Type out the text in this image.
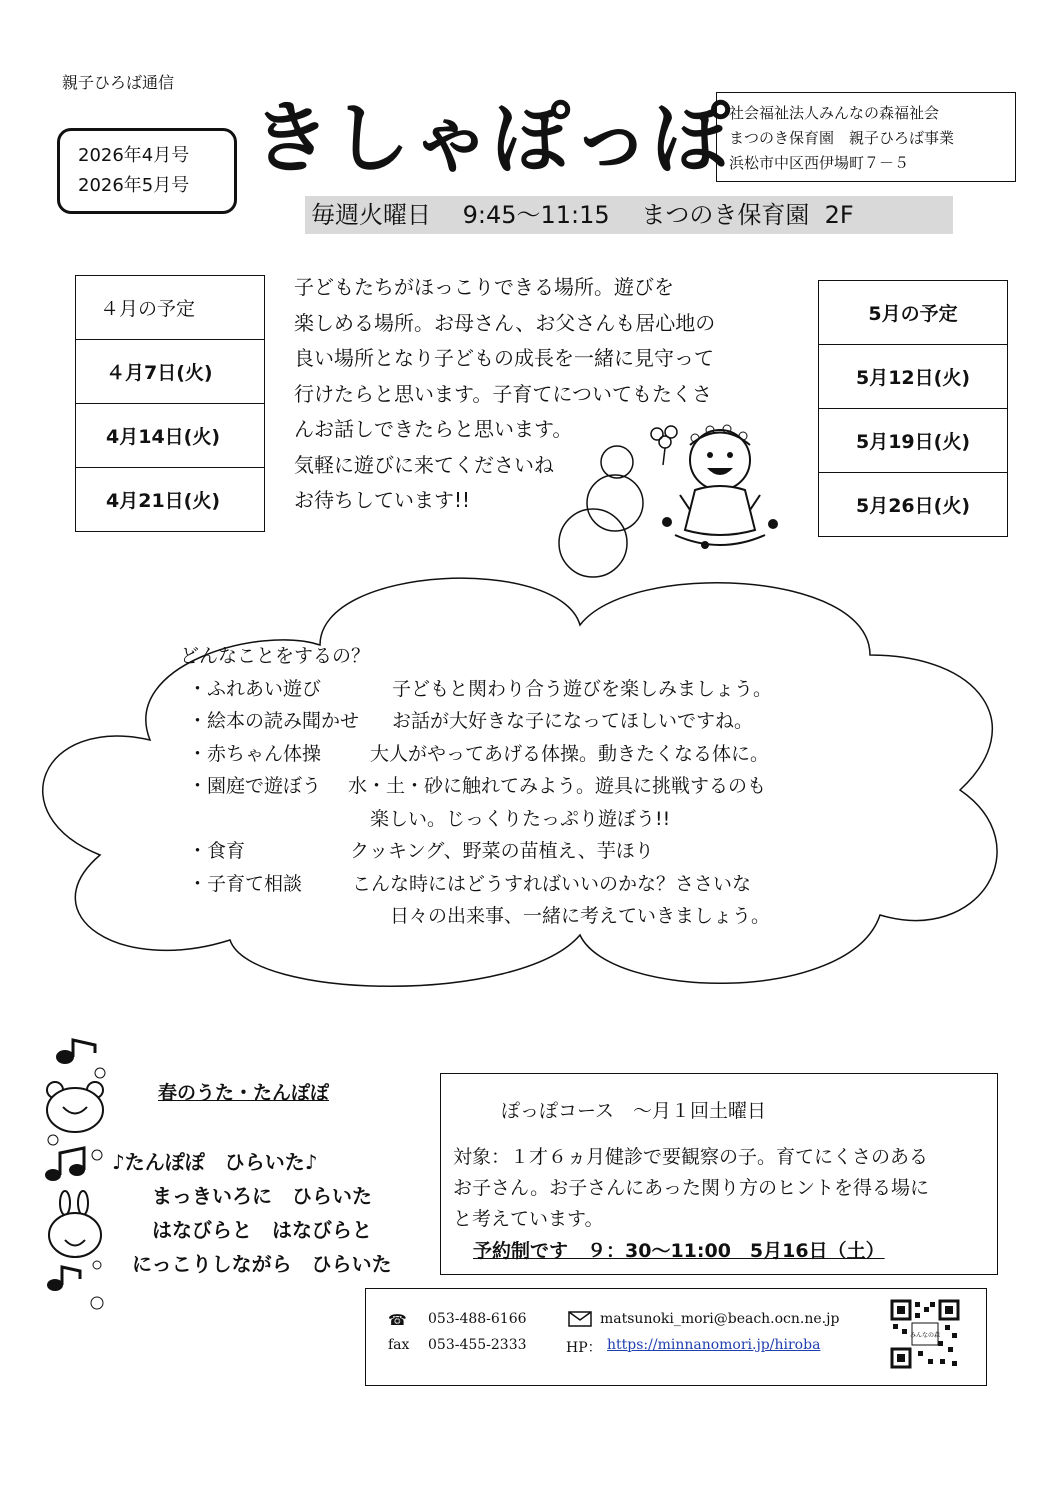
親子ひろば通信
2026年4月号
2026年5月号
きしゃぽっぽ
社会福祉法人みんなの森福祉会
まつのき保育園　親子ひろば事業
浜松市中区西伊場町７－５
毎週火曜日　 9:45～11:15　 まつのき保育園  2F
４月の予定
４月7日(火)
4月14日(火)
4月21日(火)
5月の予定
5月12日(火)
5月19日(火)
5月26日(火)
子どもたちがほっこりできる場所。遊びを
楽しめる場所。お母さん、お父さんも居心地の
良い場所となり子どもの成長を一緒に見守って
行けたらと思います。子育てについてもたくさ
んお話しできたらと思います。
気軽に遊びに来てくださいね
お待ちしています!!
どんなことをするの？
・ふれあい遊び	子どもと関わり合う遊びを楽しみましょう。
・絵本の読み聞かせ お話が大好きな子になってほしいですね。
・赤ちゃん体操	大人がやってあげる体操。動きたくなる体に。
・園庭で遊ぼう 水・土・砂に触れてみよう。遊具に挑戦するのも
楽しい。じっくりたっぷり遊ぼう!!
・食育	クッキング、野菜の苗植え、芋ほり
・子育て相談	こんな時にはどうすればいいのかな？ささいな
日々の出来事、一緒に考えていきましょう。
春のうた・たんぽぽ
♪たんぽぽ　ひらいた♪
　　まっきいろに　ひらいた
　　はなびらと　はなびらと
　にっこりしながら　ひらいた
ぽっぽコース　～月１回土曜日
対象：１才６ヵ月健診で要観察の子。育てにくさのある
お子さん。お子さんにあった関り方のヒントを得る場に
と考えています。
予約制です　９：30～11:00　5月16日（土）
☎ 053-488-6166
fax 053-455-2333
matsunoki_mori@beach.ocn.ne.jp
HP： https://minnanomori.jp/hiroba
みんなの森
